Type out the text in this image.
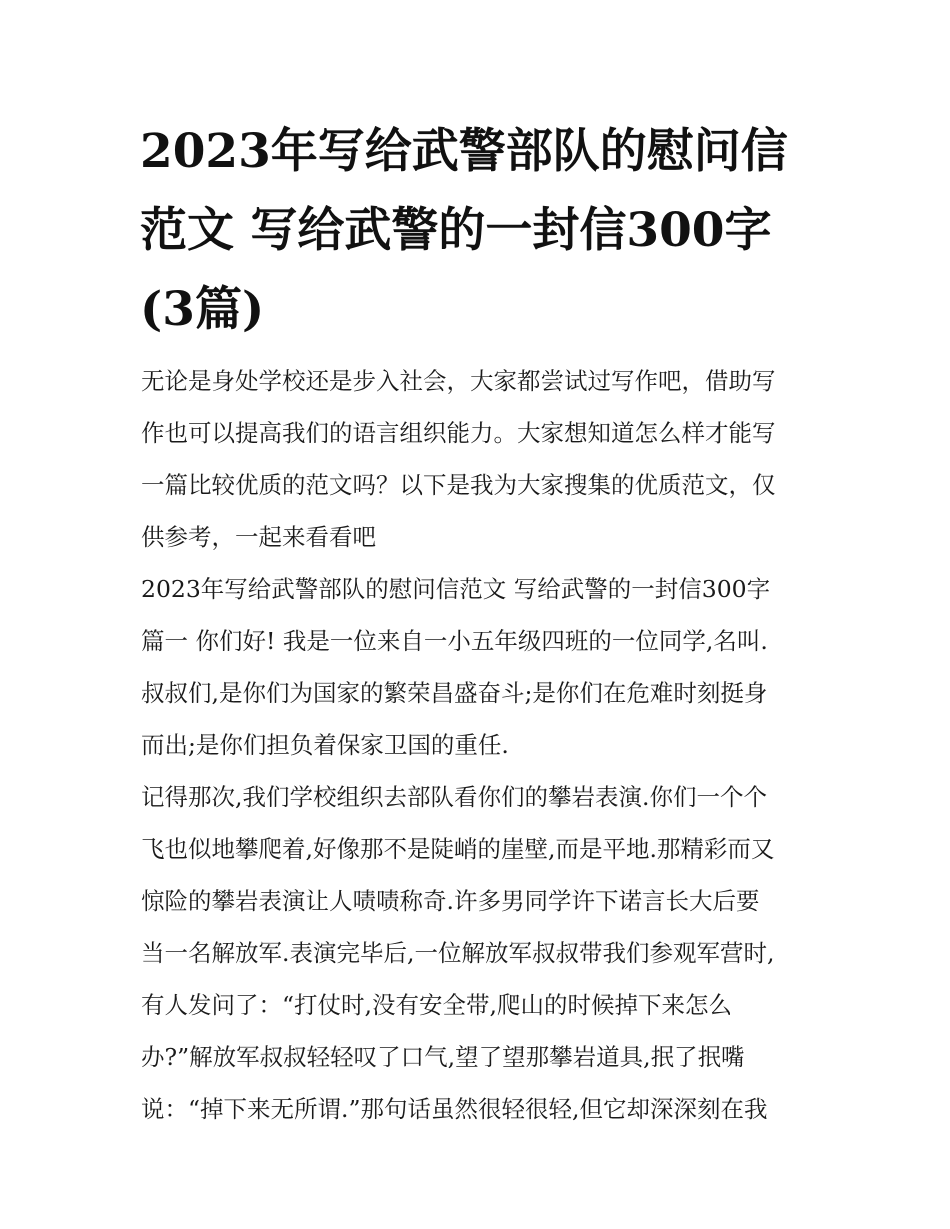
2023年写给武警部队的慰问信
范文 写给武警的一封信300字
(3篇)

无论是身处学校还是步入社会，大家都尝试过写作吧，借助写
作也可以提高我们的语言组织能力。大家想知道怎么样才能写
一篇比较优质的范文吗？以下是我为大家搜集的优质范文，仅
供参考，一起来看看吧

2023年写给武警部队的慰问信范文 写给武警的一封信300字
篇一 你们好! 我是一位来自一小五年级四班的一位同学,名叫.
叔叔们,是你们为国家的繁荣昌盛奋斗;是你们在危难时刻挺身
而出;是你们担负着保家卫国的重任.

记得那次,我们学校组织去部队看你们的攀岩表演.你们一个个
飞也似地攀爬着,好像那不是陡峭的崖壁,而是平地.那精彩而又
惊险的攀岩表演让人啧啧称奇.许多男同学许下诺言长大后要
当一名解放军.表演完毕后,一位解放军叔叔带我们参观军营时,
有人发问了：“打仗时,没有安全带,爬山的时候掉下来怎么
办?”解放军叔叔轻轻叹了口气,望了望那攀岩道具,抿了抿嘴
说：“掉下来无所谓.”那句话虽然很轻很轻,但它却深深刻在我
